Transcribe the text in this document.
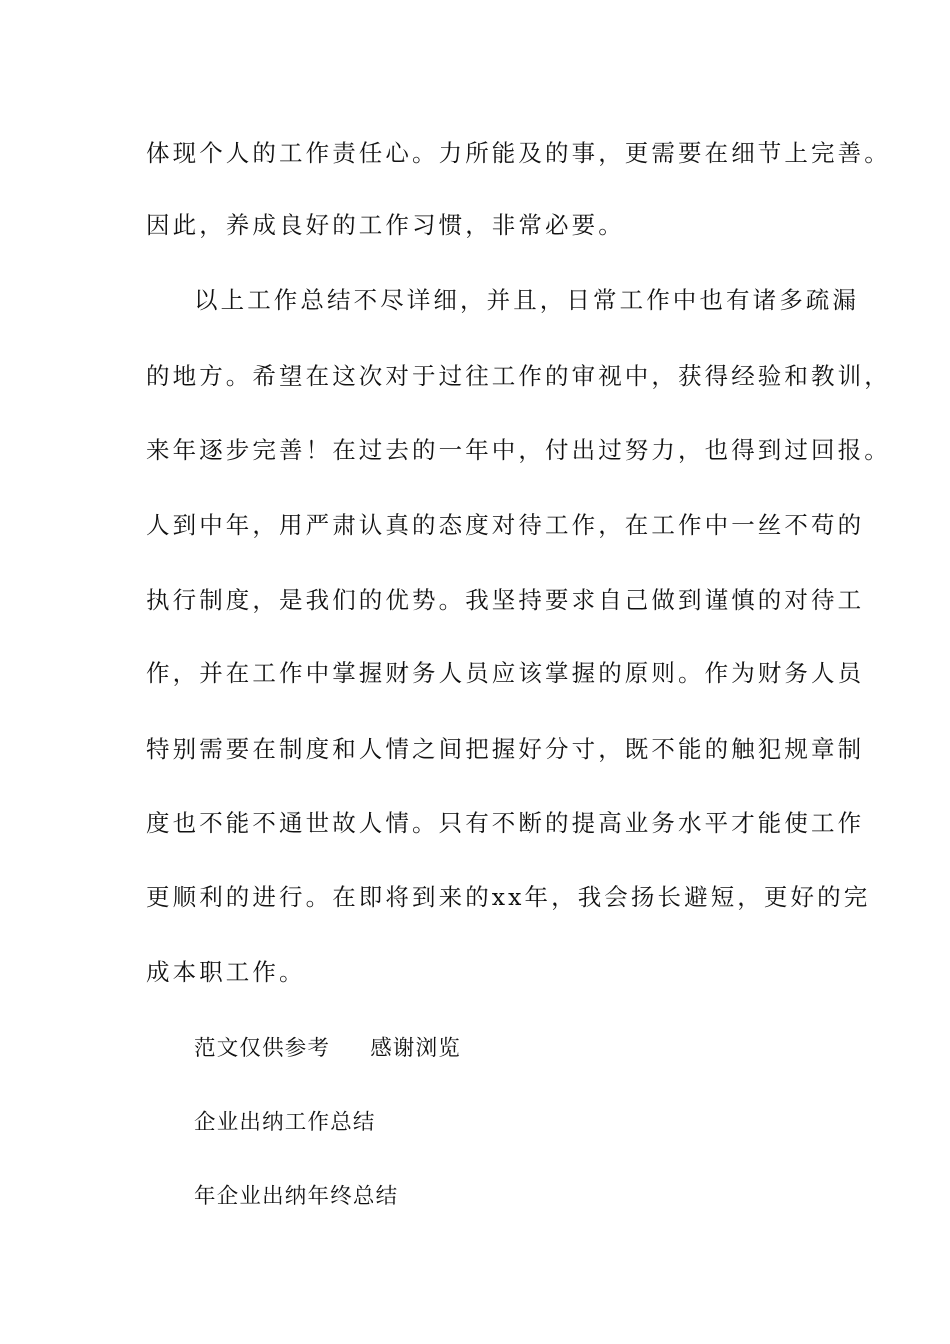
体现个人的工作责任心。力所能及的事，更需要在细节上完善。
因此，养成良好的工作习惯，非常必要。
以上工作总结不尽详细，并且，日常工作中也有诸多疏漏
的地方。希望在这次对于过往工作的审视中，获得经验和教训，
来年逐步完善！在过去的一年中，付出过努力，也得到过回报。
人到中年，用严肃认真的态度对待工作，在工作中一丝不苟的
执行制度，是我们的优势。我坚持要求自己做到谨慎的对待工
作，并在工作中掌握财务人员应该掌握的原则。作为财务人员
特别需要在制度和人情之间把握好分寸，既不能的触犯规章制
度也不能不通世故人情。只有不断的提高业务水平才能使工作
更顺利的进行。在即将到来的xx年，我会扬长避短，更好的完
成本职工作。
范文仅供参考 感谢浏览
企业出纳工作总结
年企业出纳年终总结
